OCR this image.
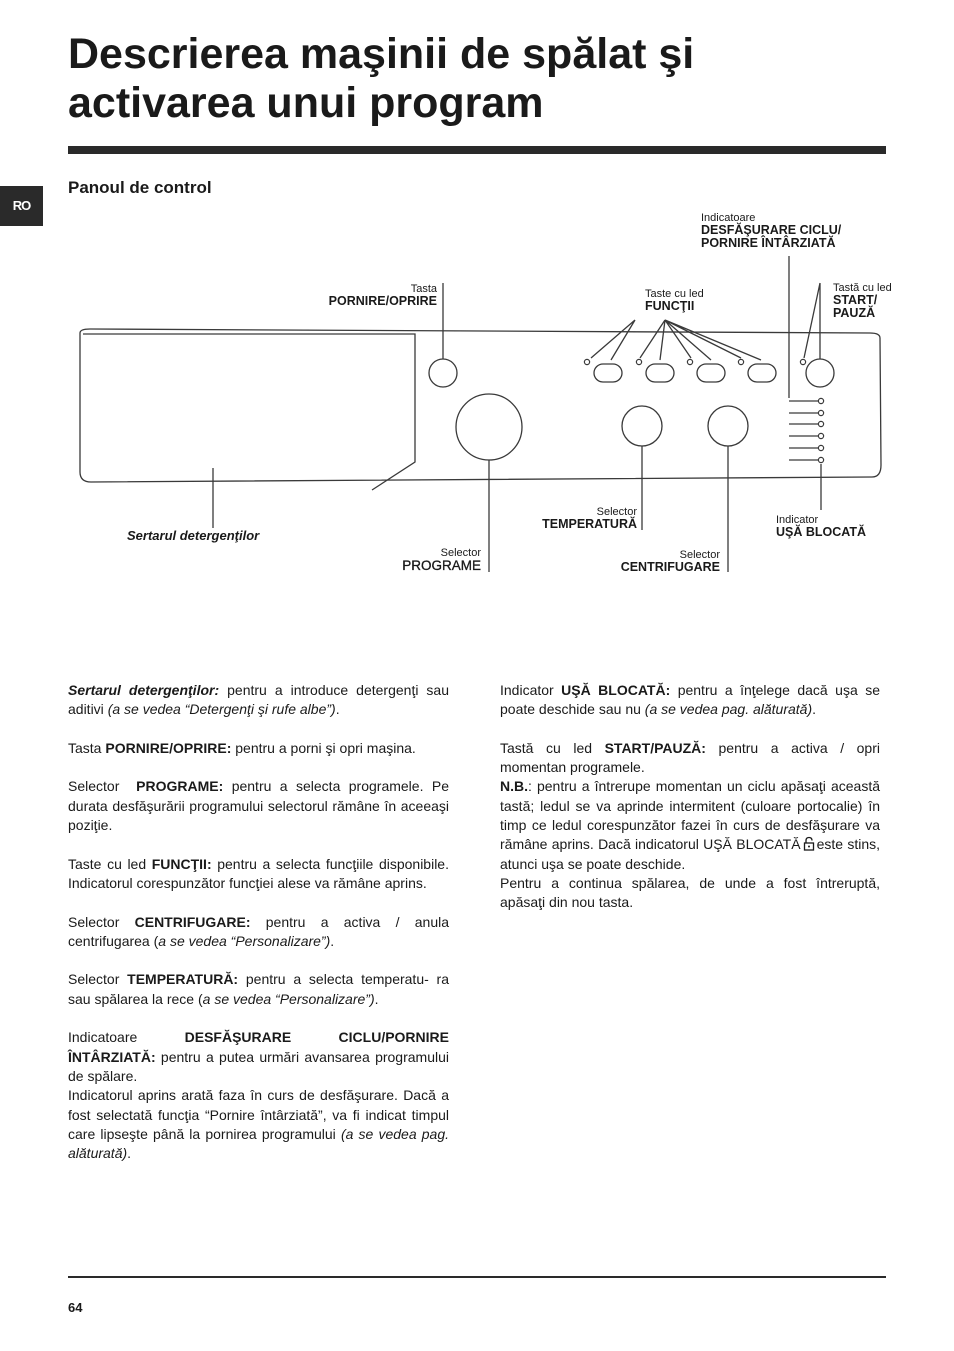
Descrierea maşinii de spălat şi activarea unui program
RO
Panoul de control
Tasta
PORNIRE/OPRIRE	Taste cu led
FUNCŢII
Indicatoare
DESFĂŞURARE CICLU/
PORNIRE ÎNTÂRZIATĂ
Tastă cu led
START/
PAUZĂ
Sertarul detergenţilor
Selector
PROGRAME
Selector
TEMPERATURĂ
Selector
CENTRIFUGARE
Indicator
UŞĂ BLOCATĂ

Sertarul detergenţilor: pentru a introduce detergenţi sau aditivi (a se vedea “Detergenţi şi rufe albe”).

Tasta PORNIRE/OPRIRE: pentru a porni şi opri maşina.

Selector  PROGRAME: pentru a selecta programele. Pe durata desfăşurării programului selectorul rămâne în aceeaşi poziţie.

Taste cu led FUNCŢII: pentru a selecta funcţiile disponibile. Indicatorul corespunzător funcţiei alese va rămâne aprins.

Selector CENTRIFUGARE: pentru a activa / anula centrifugarea (a se vedea “Personalizare”).

Selector TEMPERATURĂ: pentru a selecta temperatu- ra sau spălarea la rece (a se vedea “Personalizare”).

Indicatoare DESFĂŞURARE CICLU/PORNIRE ÎNTÂRZIATĂ: pentru a putea urmări avansarea programului de spălare.
Indicatorul aprins arată faza în curs de desfăşurare. Dacă a fost selectată funcţia “Pornire întârziată”, va fi indicat timpul care lipseşte până la pornirea programului (a se vedea pag. alăturată).

Indicator UŞĂ BLOCATĂ: pentru a înţelege dacă uşa se poate deschide sau nu (a se vedea pag. alăturată).

Tastă cu led START/PAUZĂ: pentru a activa / opri momentan programele.
N.B.: pentru a întrerupe momentan un ciclu apăsaţi această tastă; ledul se va aprinde intermitent (culoare portocalie) în timp ce ledul corespunzător fazei în curs de desfăşurare va rămâne aprins. Dacă indicatorul UŞĂ BLOCATĂ este stins, atunci uşa se poate deschide.
Pentru a continua spălarea, de unde a fost întreruptă, apăsaţi din nou tasta.

64
